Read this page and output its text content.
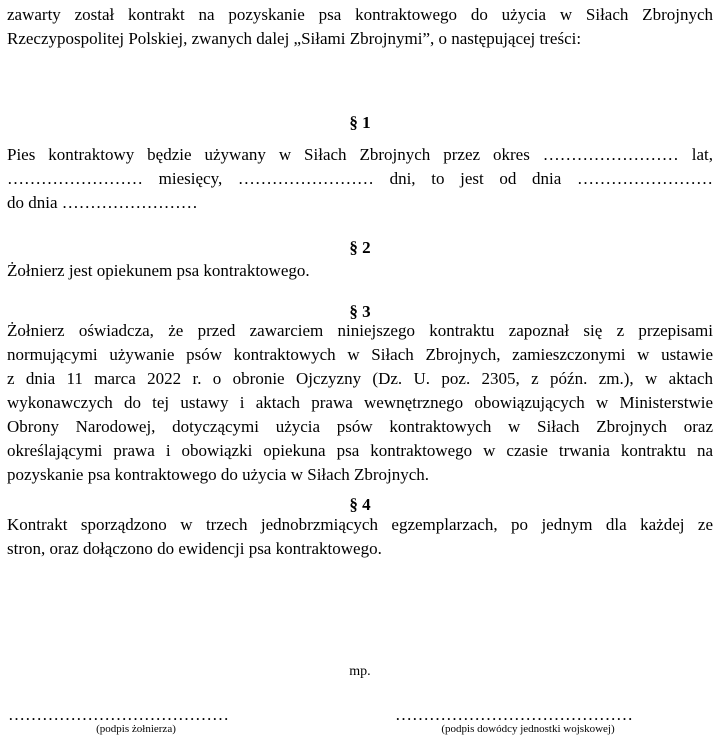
zawarty został kontrakt na pozyskanie psa kontraktowego do użycia w Siłach Zbrojnych
Rzeczypospolitej Polskiej, zwanych dalej „Siłami Zbrojnymi”, o następującej treści:

§ 1

Pies kontraktowy będzie używany w Siłach Zbrojnych przez okres …………………… lat,
…………………… miesięcy, …………………… dni, to jest od dnia ……………………
do dnia ……………………

§ 2

Żołnierz jest opiekunem psa kontraktowego.

§ 3

Żołnierz oświadcza, że przed zawarciem niniejszego kontraktu zapoznał się z przepisami
normującymi używanie psów kontraktowych w Siłach Zbrojnych, zamieszczonymi w ustawie
z dnia 11 marca 2022 r. o obronie Ojczyzny (Dz. U. poz. 2305, z późn. zm.), w aktach
wykonawczych do tej ustawy i aktach prawa wewnętrznego obowiązujących w Ministerstwie
Obrony Narodowej, dotyczącymi użycia psów kontraktowych w Siłach Zbrojnych oraz
określającymi prawa i obowiązki opiekuna psa kontraktowego w czasie trwania kontraktu na
pozyskanie psa kontraktowego do użycia w Siłach Zbrojnych.

§ 4

Kontrakt sporządzono w trzech jednobrzmiących egzemplarzach, po jednym dla każdej ze
stron, oraz dołączono do ewidencji psa kontraktowego.

mp.

…………………………………

(podpis żołnierza)

……………………………………

(podpis dowódcy jednostki wojskowej)
